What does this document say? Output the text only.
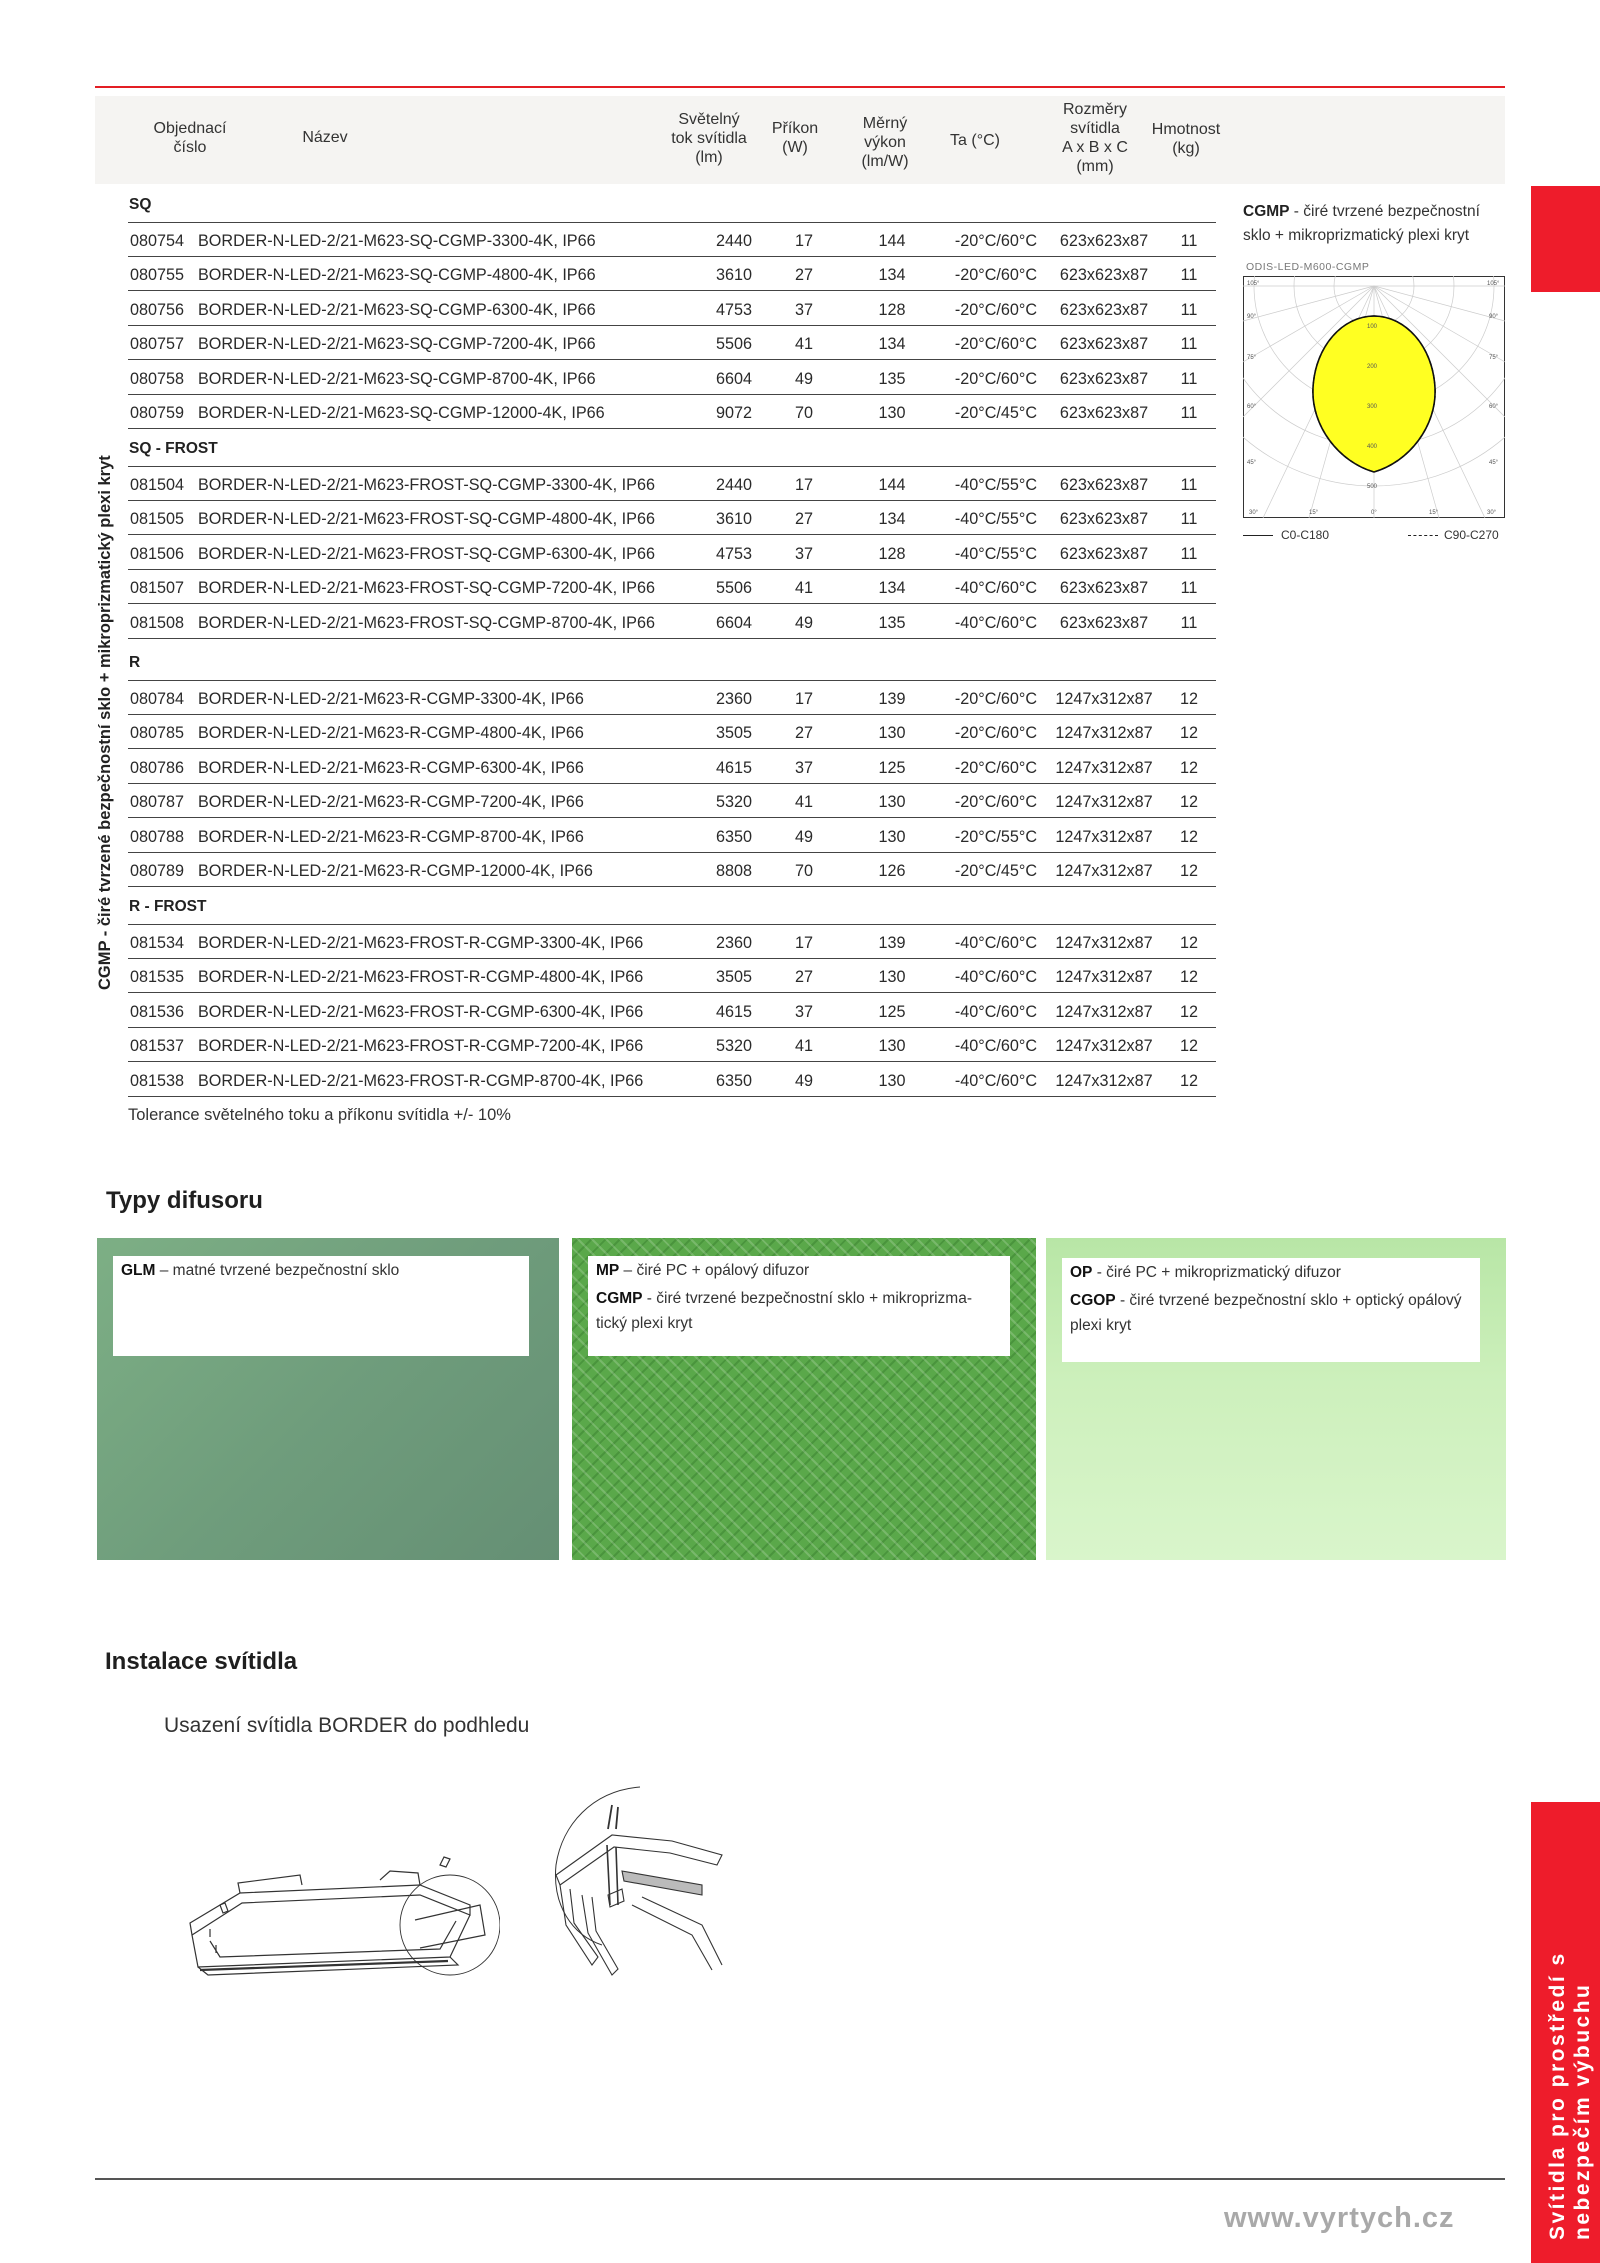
Objednací
číslo
Název
Světelný
tok svítidla
(lm)
Příkon
(W)
Měrný
výkon
(lm/W)
Ta (°C)
Rozměry
svítidla
A x B x C
(mm)
Hmotnost
(kg)
CGMP - čiré tvrzené bezpečnostní sklo + mikroprizmatický plexi kryt
SQ
080754 BORDER-N-LED-2/21-M623-SQ-CGMP-3300-4K, IP66	2440	17	144	-20°C/60°C	623x623x87	11
080755 BORDER-N-LED-2/21-M623-SQ-CGMP-4800-4K, IP66	3610	27	134	-20°C/60°C	623x623x87	11
080756 BORDER-N-LED-2/21-M623-SQ-CGMP-6300-4K, IP66	4753	37	128	-20°C/60°C	623x623x87	11
080757 BORDER-N-LED-2/21-M623-SQ-CGMP-7200-4K, IP66	5506	41	134	-20°C/60°C	623x623x87	11
080758 BORDER-N-LED-2/21-M623-SQ-CGMP-8700-4K, IP66	6604	49	135	-20°C/60°C	623x623x87	11
080759 BORDER-N-LED-2/21-M623-SQ-CGMP-12000-4K, IP66	9072	70	130	-20°C/45°C	623x623x87	11
SQ - FROST
081504 BORDER-N-LED-2/21-M623-FROST-SQ-CGMP-3300-4K, IP66	2440	17	144	-40°C/55°C	623x623x87	11
081505 BORDER-N-LED-2/21-M623-FROST-SQ-CGMP-4800-4K, IP66	3610	27	134	-40°C/55°C	623x623x87	11
081506 BORDER-N-LED-2/21-M623-FROST-SQ-CGMP-6300-4K, IP66	4753	37	128	-40°C/55°C	623x623x87	11
081507 BORDER-N-LED-2/21-M623-FROST-SQ-CGMP-7200-4K, IP66	5506	41	134	-40°C/60°C	623x623x87	11
081508 BORDER-N-LED-2/21-M623-FROST-SQ-CGMP-8700-4K, IP66	6604	49	135	-40°C/60°C	623x623x87	11
R
080784 BORDER-N-LED-2/21-M623-R-CGMP-3300-4K, IP66	2360	17	139	-20°C/60°C	1247x312x87	12
080785 BORDER-N-LED-2/21-M623-R-CGMP-4800-4K, IP66	3505	27	130	-20°C/60°C	1247x312x87	12
080786 BORDER-N-LED-2/21-M623-R-CGMP-6300-4K, IP66	4615	37	125	-20°C/60°C	1247x312x87	12
080787 BORDER-N-LED-2/21-M623-R-CGMP-7200-4K, IP66	5320	41	130	-20°C/60°C	1247x312x87	12
080788 BORDER-N-LED-2/21-M623-R-CGMP-8700-4K, IP66	6350	49	130	-20°C/55°C	1247x312x87	12
080789 BORDER-N-LED-2/21-M623-R-CGMP-12000-4K, IP66	8808	70	126	-20°C/45°C	1247x312x87	12
R - FROST
081534 BORDER-N-LED-2/21-M623-FROST-R-CGMP-3300-4K, IP66	2360	17	139	-40°C/60°C	1247x312x87	12
081535 BORDER-N-LED-2/21-M623-FROST-R-CGMP-4800-4K, IP66	3505	27	130	-40°C/60°C	1247x312x87	12
081536 BORDER-N-LED-2/21-M623-FROST-R-CGMP-6300-4K, IP66	4615	37	125	-40°C/60°C	1247x312x87	12
081537 BORDER-N-LED-2/21-M623-FROST-R-CGMP-7200-4K, IP66	5320	41	130	-40°C/60°C	1247x312x87	12
081538 BORDER-N-LED-2/21-M623-FROST-R-CGMP-8700-4K, IP66	6350	49	130	-40°C/60°C	1247x312x87	12
Tolerance světelného toku a příkonu svítidla +/- 10%
CGMP - čiré tvrzené bezpečnostní sklo + mikroprizmatický plexi kryt
ODIS-LED-M600-CGMP
105°	105°
90°	90°
75°	75°
60°	60°
45°	45°
30°	30°
15°	15°
0°
100
200
300
400
500
C0-C180	C90-C270
Svítidla pro prostředí s nebezpečím výbuchu
Typy difusoru
GLM – matné tvrzené bezpečnostní sklo	MP – čiré PC + opálový difuzor
CGMP - čiré tvrzené bezpečnostní sklo + mikroprizma-tický plexi kryt
OP - čiré PC + mikroprizmatický difuzor
CGOP - čiré tvrzené bezpečnostní sklo + optický opálový plexi kryt
Instalace svítidla
Usazení svítidla BORDER do podhledu
www.vyrtych.cz
